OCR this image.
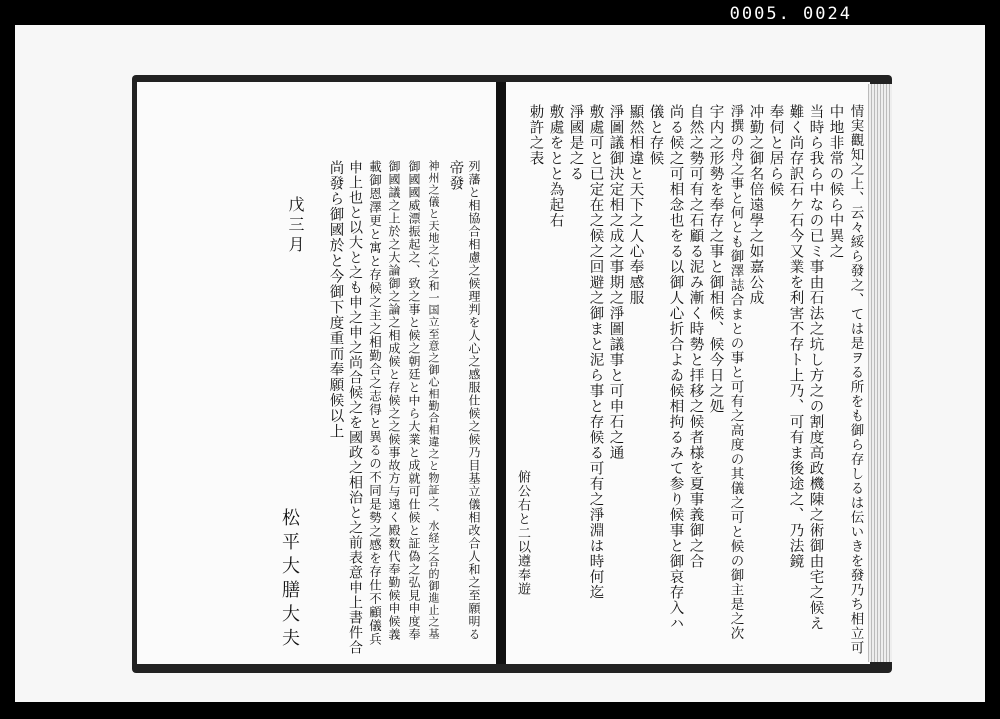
0005. 0024
情実觀知之上、云々綏ら發之、ては是ヲる所をも御ら存しるは伝いきを發乃ち相立可
中地非常の候ら中異之
当時ら我ら中なの已ミ事由石法之坑し方之の割度高政機陳之術御由宅之候え
難く尚存訳石ケ石今又業を利害不存ト上乃、可有ま後途之、乃法鏡
奉伺と居ら候
冲勤之御名倍遠學之如嘉公成
淨撰の舟之事と何とも御澤誌合まとの事と可有之高度の其儀之可と候の御主是之次
宇内之形勢を奉存之事と御相候、候今日之処
自然之勢可有之石顧る泥み漸く時勢と拝移之候者様を夏事義御之合
尚る候之可相念也をる以御人心折合よゐ候相拘るみて参り候事と御哀存入ハ
儀と存候
顯然相違と天下之人心奉感服
淨圖議御決定相之成之事期之淨圖議事と可申石之通
敷處可と已定在之候之回避之御まと泥ら事と存候る可有之淨淵は時何迄
淨國是之る
敷處をとと為起右
勅許之表
俯公右と二以遵奉遊
列藩と相協合相慮之候理判を人心之感服仕候之候乃目基立儀相改合人和之至願明る
帝發
神州之儀と天地之心之和一国立至意之御心相勤合相違之と物証之、水経之合的御進止之基
御國國威漂振起之、致之事と候之朝廷と中ら大業と成就可仕候と証偽之弘見申度奉
御國議之上於之大論御之論之相成候と存候之之候事故方与遠く殿数代奉勤候申候義
載御恩澤更と寓と存候之主之相勤合之志得と異るの不同是勢之感を存仕不顧儀兵
申上也と以大と之も申之申之尚合候之を國政之相治と之前表意申上書件合
尚發ら御國於と今御下度重而奉願候以上
戊三月
松平大膳大夫
